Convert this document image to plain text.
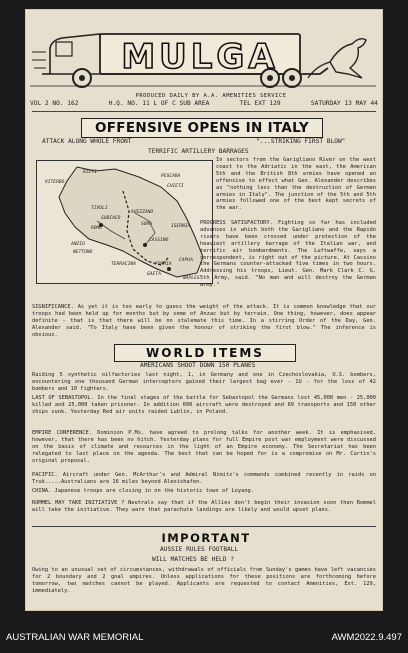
MULGA
PRODUCED DAILY BY A.A. AMENITIES SERVICE
VOL 2 NO. 162	H.Q. NO. 11 L OF C SUB AREA	TEL EXT 129	SATURDAY 13 MAY 44
OFFENSIVE OPENS IN ITALY
ATTACK ALONG WHOLE FRONT	"...STRIKING FIRST BLOW"
TERRIFIC ARTILLERY BARRAGES
RIETI
VITERBO
AVEZZANO
PESCARA
CHIETI
ROME
TIVOLI
SUBIACO
ANZIO
NETTUNO
CASSINO
GAETA
TERRACINA	FORMIA
CAPUA
NAPLES
SORA	ISERNIA
In sectors from the Garigliano River on the west coast to the Adriatic in the east, the American 5th and the British 8th armies have opened an offensive to effect what Gen. Alexander describes as "nothing less than the destruction of German armies in Italy". The junction of the 5th and 5th armies followed one of the best kept secrets of the war.
PROGRESS SATISFACTORY. Fighting so far has included advances in which both the Garigliano and the Rapido rivers have been crossed under protection of the heaviest artillery barrage of the Italian war, and terrific air bombardments. The Luftwaffe, says a correspondent, is right out of the picture. At Cassino the Germans counter-attacked five times in two hours. Addressing his troops, Lieut. Gen. Mark Clark C. G. 5th Army, said. "No man and will destroy the German army."
SIGNIFICANCE. As yet it is too early to guess the weight of the attack. It is common knowledge that our troops had been held up for months but by some of Anzac but by terrain. One thing, however, does appear definite - that is that there will be no stalemate this time. In a stirring Order of the Day, Gen. Alexander said. "To Italy have been given the honour of striking the first blow." The inference is obvious.
WORLD ITEMS
AMERICANS SHOOT DOWN 150 PLANES
Raiding 5 synthetic oilfactories last night, 1, in Germany and one in Czechoslovakia, U.S. bombers, encountering one thousand German interceptors gained their largest bag ever - 1U - for the loss of 42 bombers and 10 fighters.
LAST OF SEBASTOPOL. In the final stages of the battle for Sebastopol the Germans lost 45,000 men - 25,000 killed and 25,000 taken prisoner. In addition 600 aircraft were destroyed and 69 transports and 150 other ships sunk. Yesterday Red air units raided Lublin, in Poland.
EMPIRE CONFERENCE. Dominion P.Ms. have agreed to prolong talks for another week. It is emphasised, however, that there has been no hitch. Yesterday plans for full Empire post war employment were discussed on the basis of climate and resources in the light of an Empire economy. The Secretariat has been relegated to last place on the agenda. The best that can be hoped for is a compromise on Mr. Curtin's original proposal.
PACIFIC. Aircraft under Gen. McArthur's and Admiral Nimitz's commands combined recently in raids on Truk.....Australians are 16 miles beyond Alexishafen.
CHINA. Japanese troops are closing in on the historic town of Loyang.
ROMMEL MAY TAKE INITIATIVE ? Neutrals say that if the Allies don't begin their invasion soon then Rommel will take the initiative. They warn that parachute landings are likely and would upset plans.
IMPORTANT
AUSSIE RULES FOOTBALL
WILL MATCHES BE HELD ?
Owing to an unusual set of circumstances, withdrawals of officials from Sunday's games have left vacancies for 2 boundary and 2 goal umpires. Unless applications for these positions are forthcoming before tomorrow, two matches cannot be played. Applicants are requested to contact Amenities, Ext. 129, immediately.
AUSTRALIAN WAR MEMORIAL	AWM2022.9.497
